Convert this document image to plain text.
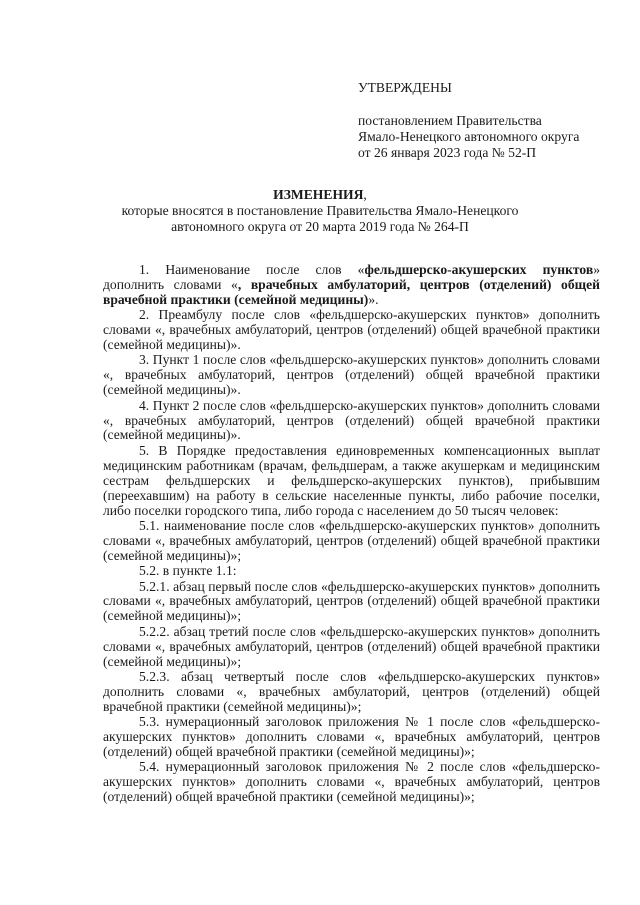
УТВЕРЖДЕНЫ
постановлением Правительства
Ямало-Ненецкого автономного округа
от 26 января 2023 года № 52-П
ИЗМЕНЕНИЯ,
которые вносятся в постановление Правительства Ямало-Ненецкого
автономного округа от 20 марта 2019 года № 264-П

1. Наименование после слов «фельдшерско-акушерских пунктов» дополнить словами «, врачебных амбулаторий, центров (отделений) общей врачебной практики (семейной медицины)».

2. Преамбулу после слов «фельдшерско-акушерских пунктов» дополнить словами «, врачебных амбулаторий, центров (отделений) общей врачебной практики (семейной медицины)».

3. Пункт 1 после слов «фельдшерско-акушерских пунктов» дополнить словами «, врачебных амбулаторий, центров (отделений) общей врачебной практики (семейной медицины)».

4. Пункт 2 после слов «фельдшерско-акушерских пунктов» дополнить словами «, врачебных амбулаторий, центров (отделений) общей врачебной практики (семейной медицины)».

5. В Порядке предоставления единовременных компенсационных выплат медицинским работникам (врачам, фельдшерам, а также акушеркам и медицинским сестрам фельдшерских и фельдшерско-акушерских пунктов), прибывшим (переехавшим) на работу в сельские населенные пункты, либо рабочие поселки, либо поселки городского типа, либо города с населением до 50 тысяч человек:

5.1. наименование после слов «фельдшерско-акушерских пунктов» дополнить словами «, врачебных амбулаторий, центров (отделений) общей врачебной практики (семейной медицины)»;

5.2. в пункте 1.1:

5.2.1. абзац первый после слов «фельдшерско-акушерских пунктов» дополнить словами «, врачебных амбулаторий, центров (отделений) общей врачебной практики (семейной медицины)»;

5.2.2. абзац третий после слов «фельдшерско-акушерских пунктов» дополнить словами «, врачебных амбулаторий, центров (отделений) общей врачебной практики (семейной медицины)»;

5.2.3. абзац четвертый после слов «фельдшерско-акушерских пунктов» дополнить словами «, врачебных амбулаторий, центров (отделений) общей врачебной практики (семейной медицины)»;

5.3. нумерационный заголовок приложения № 1 после слов «фельдшерско-акушерских пунктов» дополнить словами «, врачебных амбулаторий, центров (отделений) общей врачебной практики (семейной медицины)»;

5.4. нумерационный заголовок приложения № 2 после слов «фельдшерско-акушерских пунктов» дополнить словами «, врачебных амбулаторий, центров (отделений) общей врачебной практики (семейной медицины)»;
